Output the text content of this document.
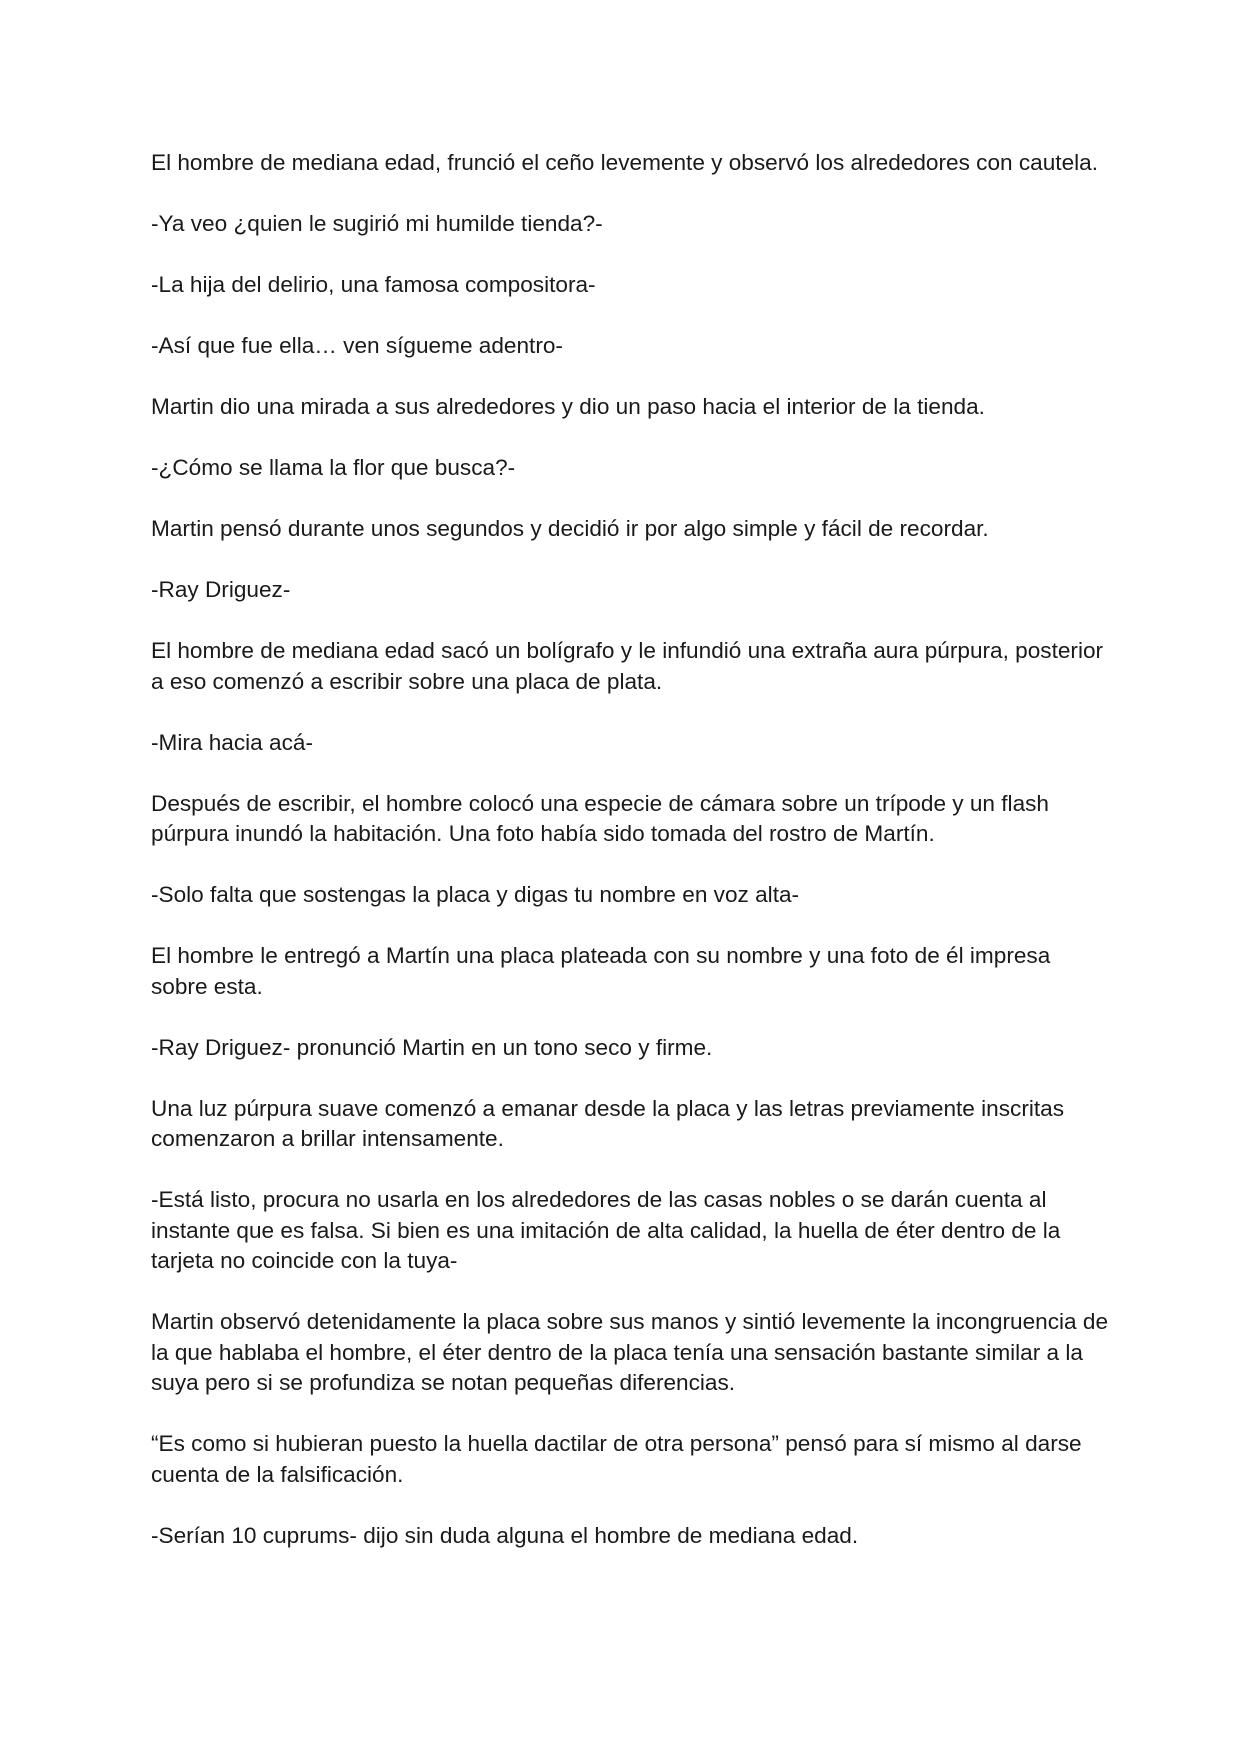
El hombre de mediana edad, frunció el ceño levemente y observó los alrededores con cautela.

-Ya veo ¿quien le sugirió mi humilde tienda?-

-La hija del delirio, una famosa compositora-

-Así que fue ella… ven sígueme adentro-

Martin dio una mirada a sus alrededores y dio un paso hacia el interior de la tienda.

-¿Cómo se llama la flor que busca?-

Martin pensó durante unos segundos y decidió ir por algo simple y fácil de recordar.

-Ray Driguez-

El hombre de mediana edad sacó un bolígrafo y le infundió una extraña aura púrpura, posterior a eso comenzó a escribir sobre una placa de plata.

-Mira hacia acá-

Después de escribir, el hombre colocó una especie de cámara sobre un trípode y un flash púrpura inundó la habitación. Una foto había sido tomada del rostro de Martín.

-Solo falta que sostengas la placa y digas tu nombre en voz alta-

El hombre le entregó a Martín una placa plateada con su nombre y una foto de él impresa sobre esta.

-Ray Driguez- pronunció Martin en un tono seco y firme.

Una luz púrpura suave comenzó a emanar desde la placa y las letras previamente inscritas comenzaron a brillar intensamente.

-Está listo, procura no usarla en los alrededores de las casas nobles o se darán cuenta al instante que es falsa. Si bien es una imitación de alta calidad, la huella de éter dentro de la tarjeta no coincide con la tuya-

Martin observó detenidamente la placa sobre sus manos y sintió levemente la incongruencia de la que hablaba el hombre, el éter dentro de la placa tenía una sensación bastante similar a la suya pero si se profundiza se notan pequeñas diferencias.

“Es como si hubieran puesto la huella dactilar de otra persona” pensó para sí mismo al darse cuenta de la falsificación.

-Serían 10 cuprums- dijo sin duda alguna el hombre de mediana edad.
